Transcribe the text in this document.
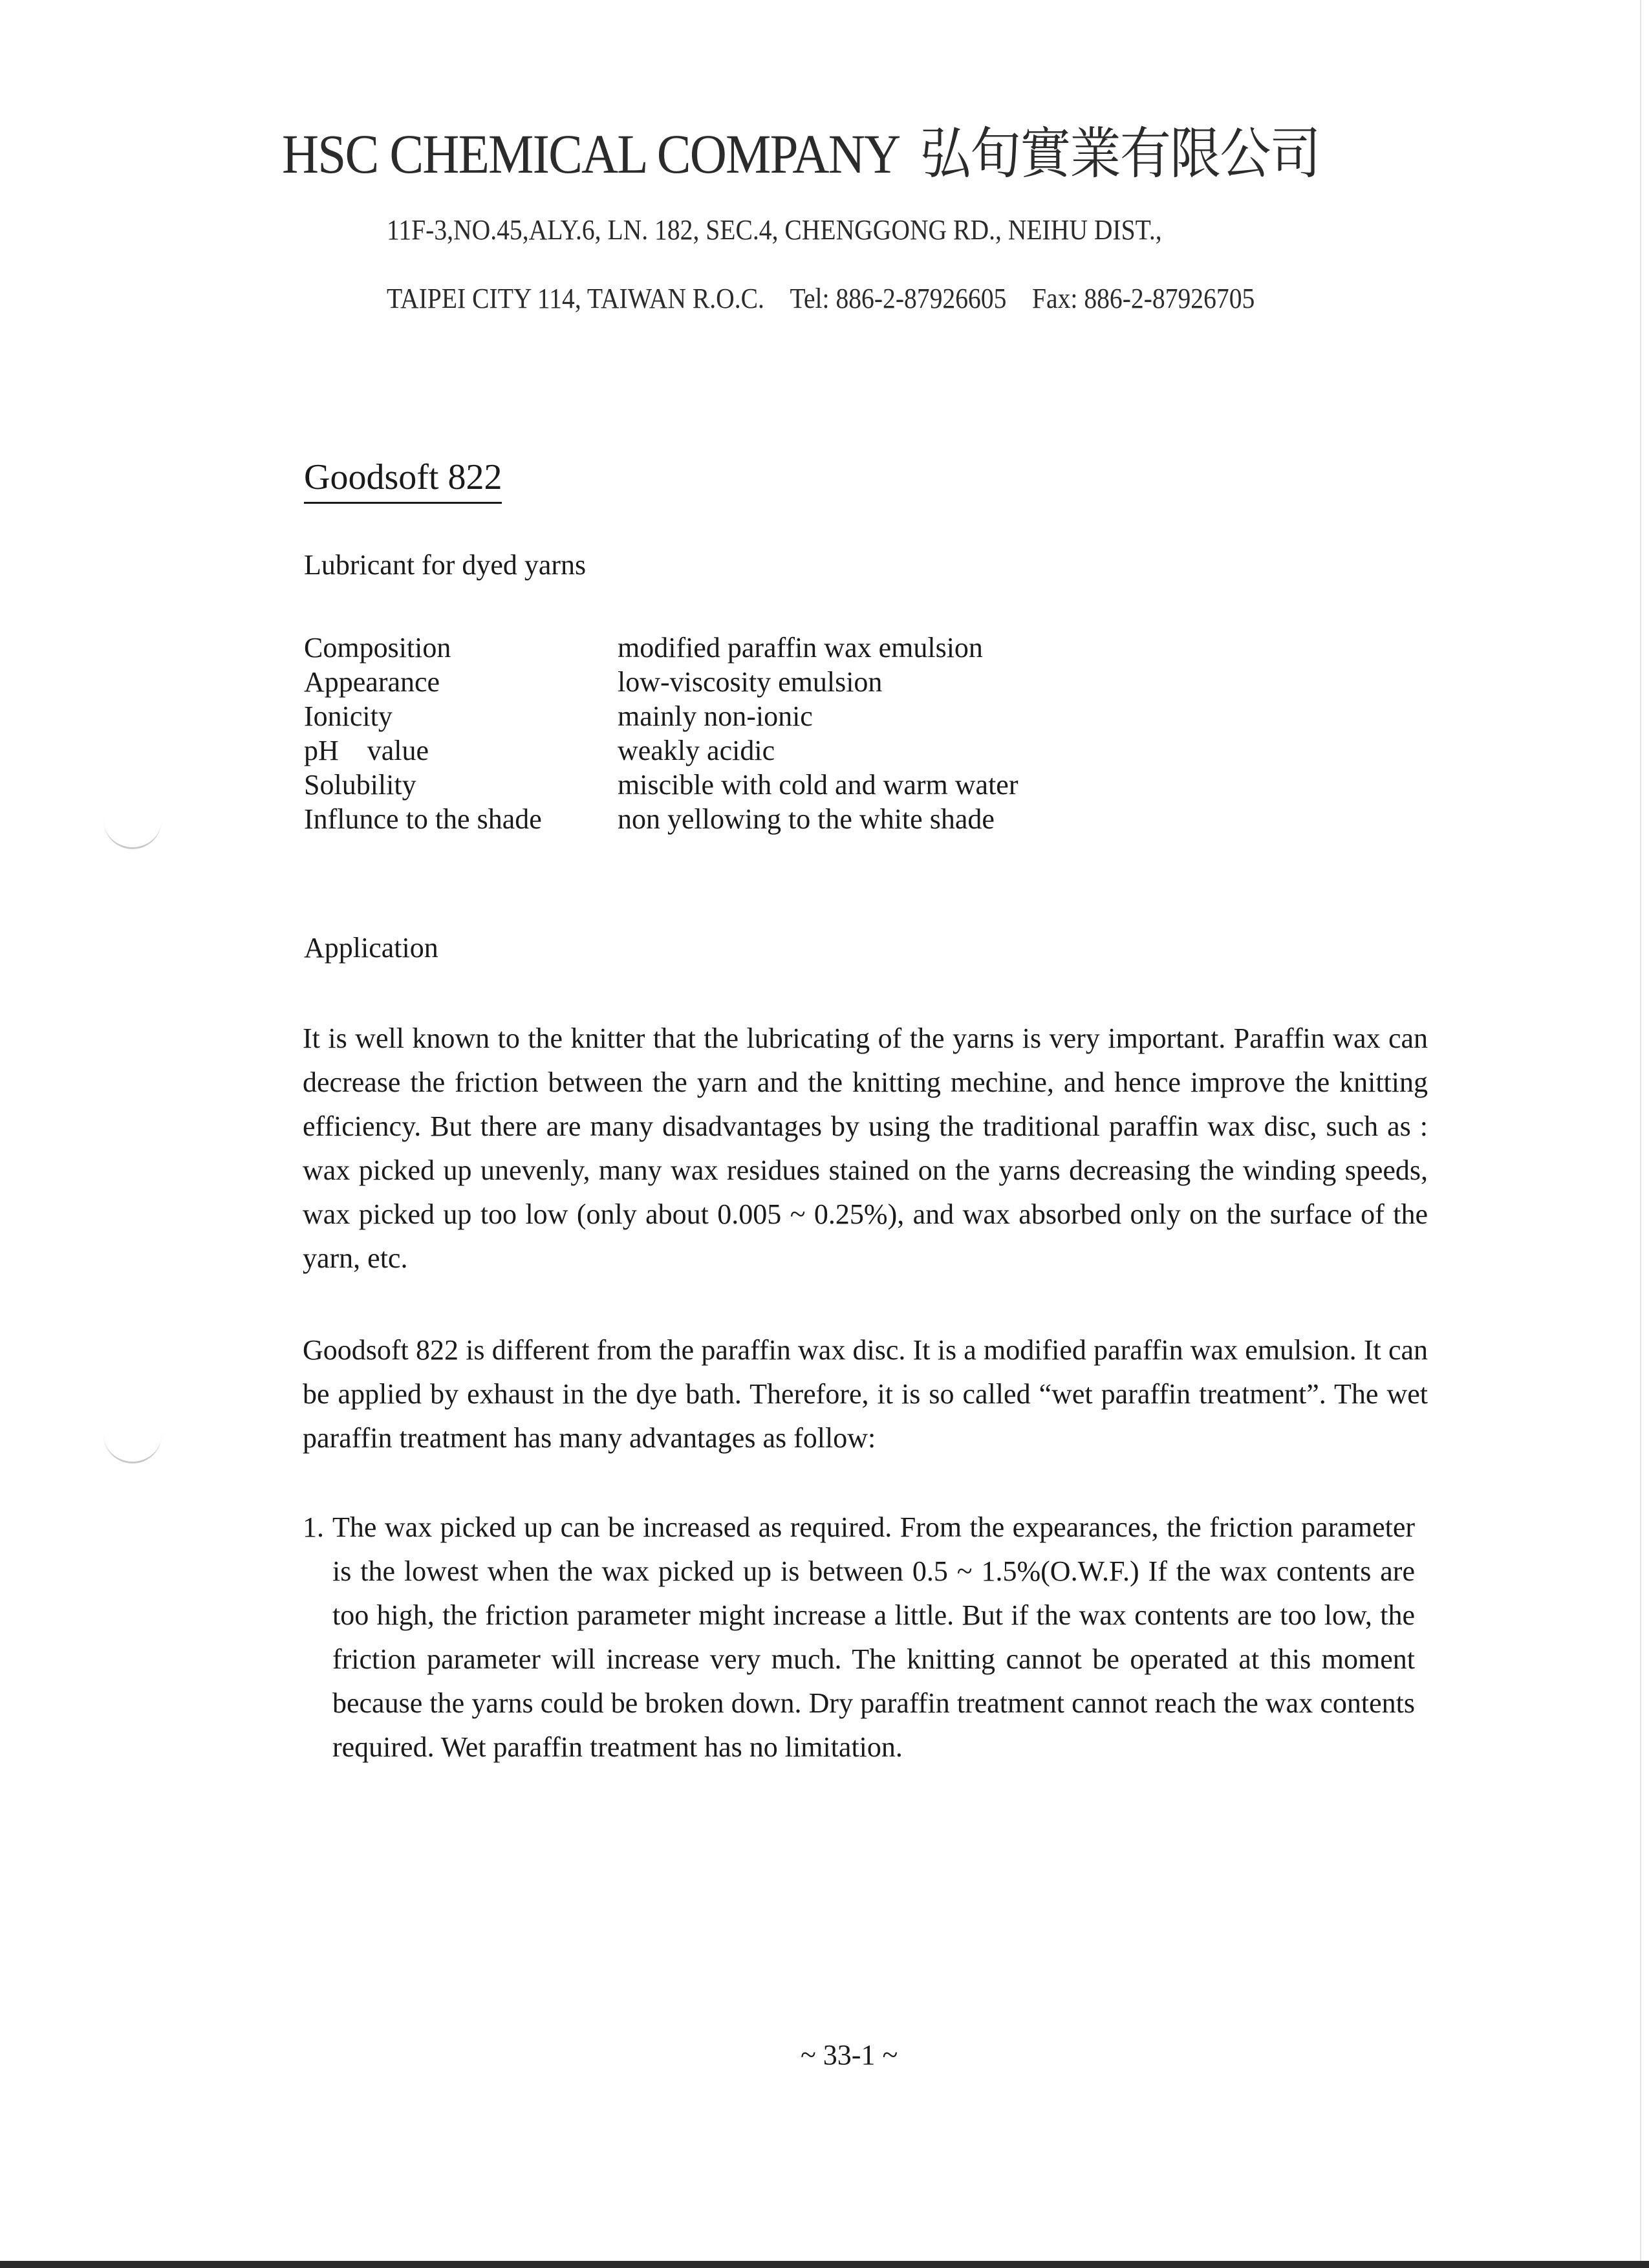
HSC CHEMICAL COMPANY 弘旬實業有限公司
11F-3,NO.45,ALY.6, LN. 182, SEC.4, CHENGGONG RD., NEIHU DIST.,
TAIPEI CITY 114, TAIWAN R.O.C. Tel: 886-2-87926605 Fax: 886-2-87926705
Goodsoft 822
Lubricant for dyed yarns
Composition	modified paraffin wax emulsion
Appearance	low-viscosity emulsion
Ionicity	mainly non-ionic
pH    value	weakly acidic
Solubility	miscible with cold and warm water
Influnce to the shade	non yellowing to the white shade
Application
It is well known to the knitter that the lubricating of the yarns is very important. Paraffin wax can decrease the friction between the yarn and the knitting mechine, and hence improve the knitting efficiency. But there are many disadvantages by using the traditional paraffin wax disc, such as : wax picked up unevenly, many wax residues stained on the yarns decreasing the winding speeds, wax picked up too low (only about 0.005 ~ 0.25%), and wax absorbed only on the surface of the yarn, etc.
Goodsoft 822 is different from the paraffin wax disc. It is a modified paraffin wax emulsion. It can be applied by exhaust in the dye bath. Therefore, it is so called “wet paraffin treatment”. The wet paraffin treatment has many advantages as follow:
1. The wax picked up can be increased as required. From the expearances, the friction parameter is the lowest when the wax picked up is between 0.5 ~ 1.5%(O.W.F.) If the wax contents are too high, the friction parameter might increase a little. But if the wax contents are too low, the friction parameter will increase very much. The knitting cannot be operated at this moment because the yarns could be broken down. Dry paraffin treatment cannot reach the wax contents required. Wet paraffin treatment has no limitation.
~ 33-1 ~
